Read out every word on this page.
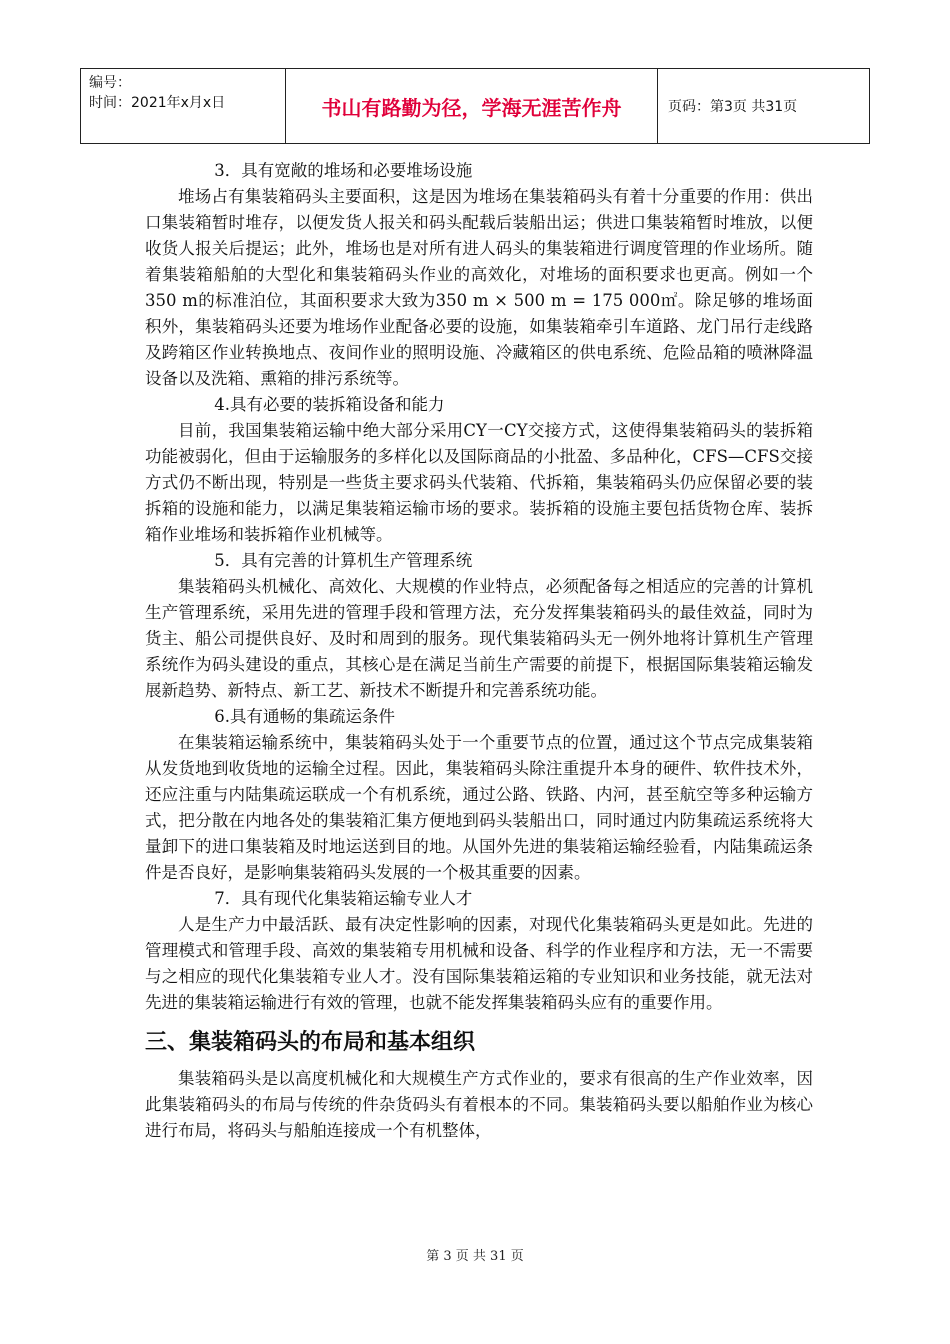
编号：
时间：2021年x月x日	书山有路勤为径，学海无涯苦作舟	页码：第3页 共31页

3．具有宽敞的堆场和必要堆场设施

堆场占有集装箱码头主要面积，这是因为堆场在集装箱码头有着十分重要的作用：供出口集装箱暂时堆存，以便发货人报关和码头配载后装船出运；供进口集装箱暂时堆放，以便收货人报关后提运；此外，堆场也是对所有进人码头的集装箱进行调度管理的作业场所。随着集装箱船舶的大型化和集装箱码头作业的高效化，对堆场的面积要求也更高。例如一个350 m的标准泊位，其面积要求大致为350 m × 500 m = 175 000㎡。除足够的堆场面积外，集装箱码头还要为堆场作业配备必要的设施，如集装箱牵引车道路、龙门吊行走线路及跨箱区作业转换地点、夜间作业的照明设施、冷藏箱区的供电系统、危险品箱的喷淋降温设备以及洗箱、熏箱的排污系统等。

4.具有必要的装拆箱设备和能力

目前，我国集装箱运输中绝大部分采用CY一CY交接方式，这使得集装箱码头的装拆箱功能被弱化，但由于运输服务的多样化以及国际商品的小批盈、多品种化，CFS—CFS交接方式仍不断出现，特别是一些货主要求码头代装箱、代拆箱，集装箱码头仍应保留必要的装拆箱的设施和能力，以满足集装箱运输市场的要求。装拆箱的设施主要包括货物仓库、装拆箱作业堆场和装拆箱作业机械等。

5．具有完善的计算机生产管理系统

集装箱码头机械化、高效化、大规模的作业特点，必须配备每之相适应的完善的计算机生产管理系统，采用先进的管理手段和管理方法，充分发挥集装箱码头的最佳效益，同时为货主、船公司提供良好、及时和周到的服务。现代集装箱码头无一例外地将计算机生产管理系统作为码头建设的重点，其核心是在满足当前生产需要的前提下，根据国际集装箱运输发展新趋势、新特点、新工艺、新技术不断提升和完善系统功能。

6.具有通畅的集疏运条件

在集装箱运输系统中，集装箱码头处于一个重要节点的位置，通过这个节点完成集装箱从发货地到收货地的运输全过程。因此，集装箱码头除注重提升本身的硬件、软件技术外，还应注重与内陆集疏运联成一个有机系统，通过公路、铁路、内河，甚至航空等多种运输方式，把分散在内地各处的集装箱汇集方便地到码头装船出口，同时通过内防集疏运系统将大量卸下的进口集装箱及时地运送到目的地。从国外先进的集装箱运输经验看，内陆集疏运条件是否良好，是影响集装箱码头发展的一个极其重要的因素。

7．具有现代化集装箱运输专业人才

人是生产力中最活跃、最有决定性影响的因素，对现代化集装箱码头更是如此。先进的管理模式和管理手段、高效的集装箱专用机械和设备、科学的作业程序和方法，无一不需要与之相应的现代化集装箱专业人才。没有国际集装箱运箱的专业知识和业务技能，就无法对先进的集装箱运输进行有效的管理，也就不能发挥集装箱码头应有的重要作用。

三、集装箱码头的布局和基本组织

集装箱码头是以高度机械化和大规模生产方式作业的，要求有很高的生产作业效率，因此集装箱码头的布局与传统的件杂货码头有着根本的不同。集装箱码头要以船舶作业为核心进行布局，将码头与船舶连接成一个有机整体，

第 3 页 共 31 页
